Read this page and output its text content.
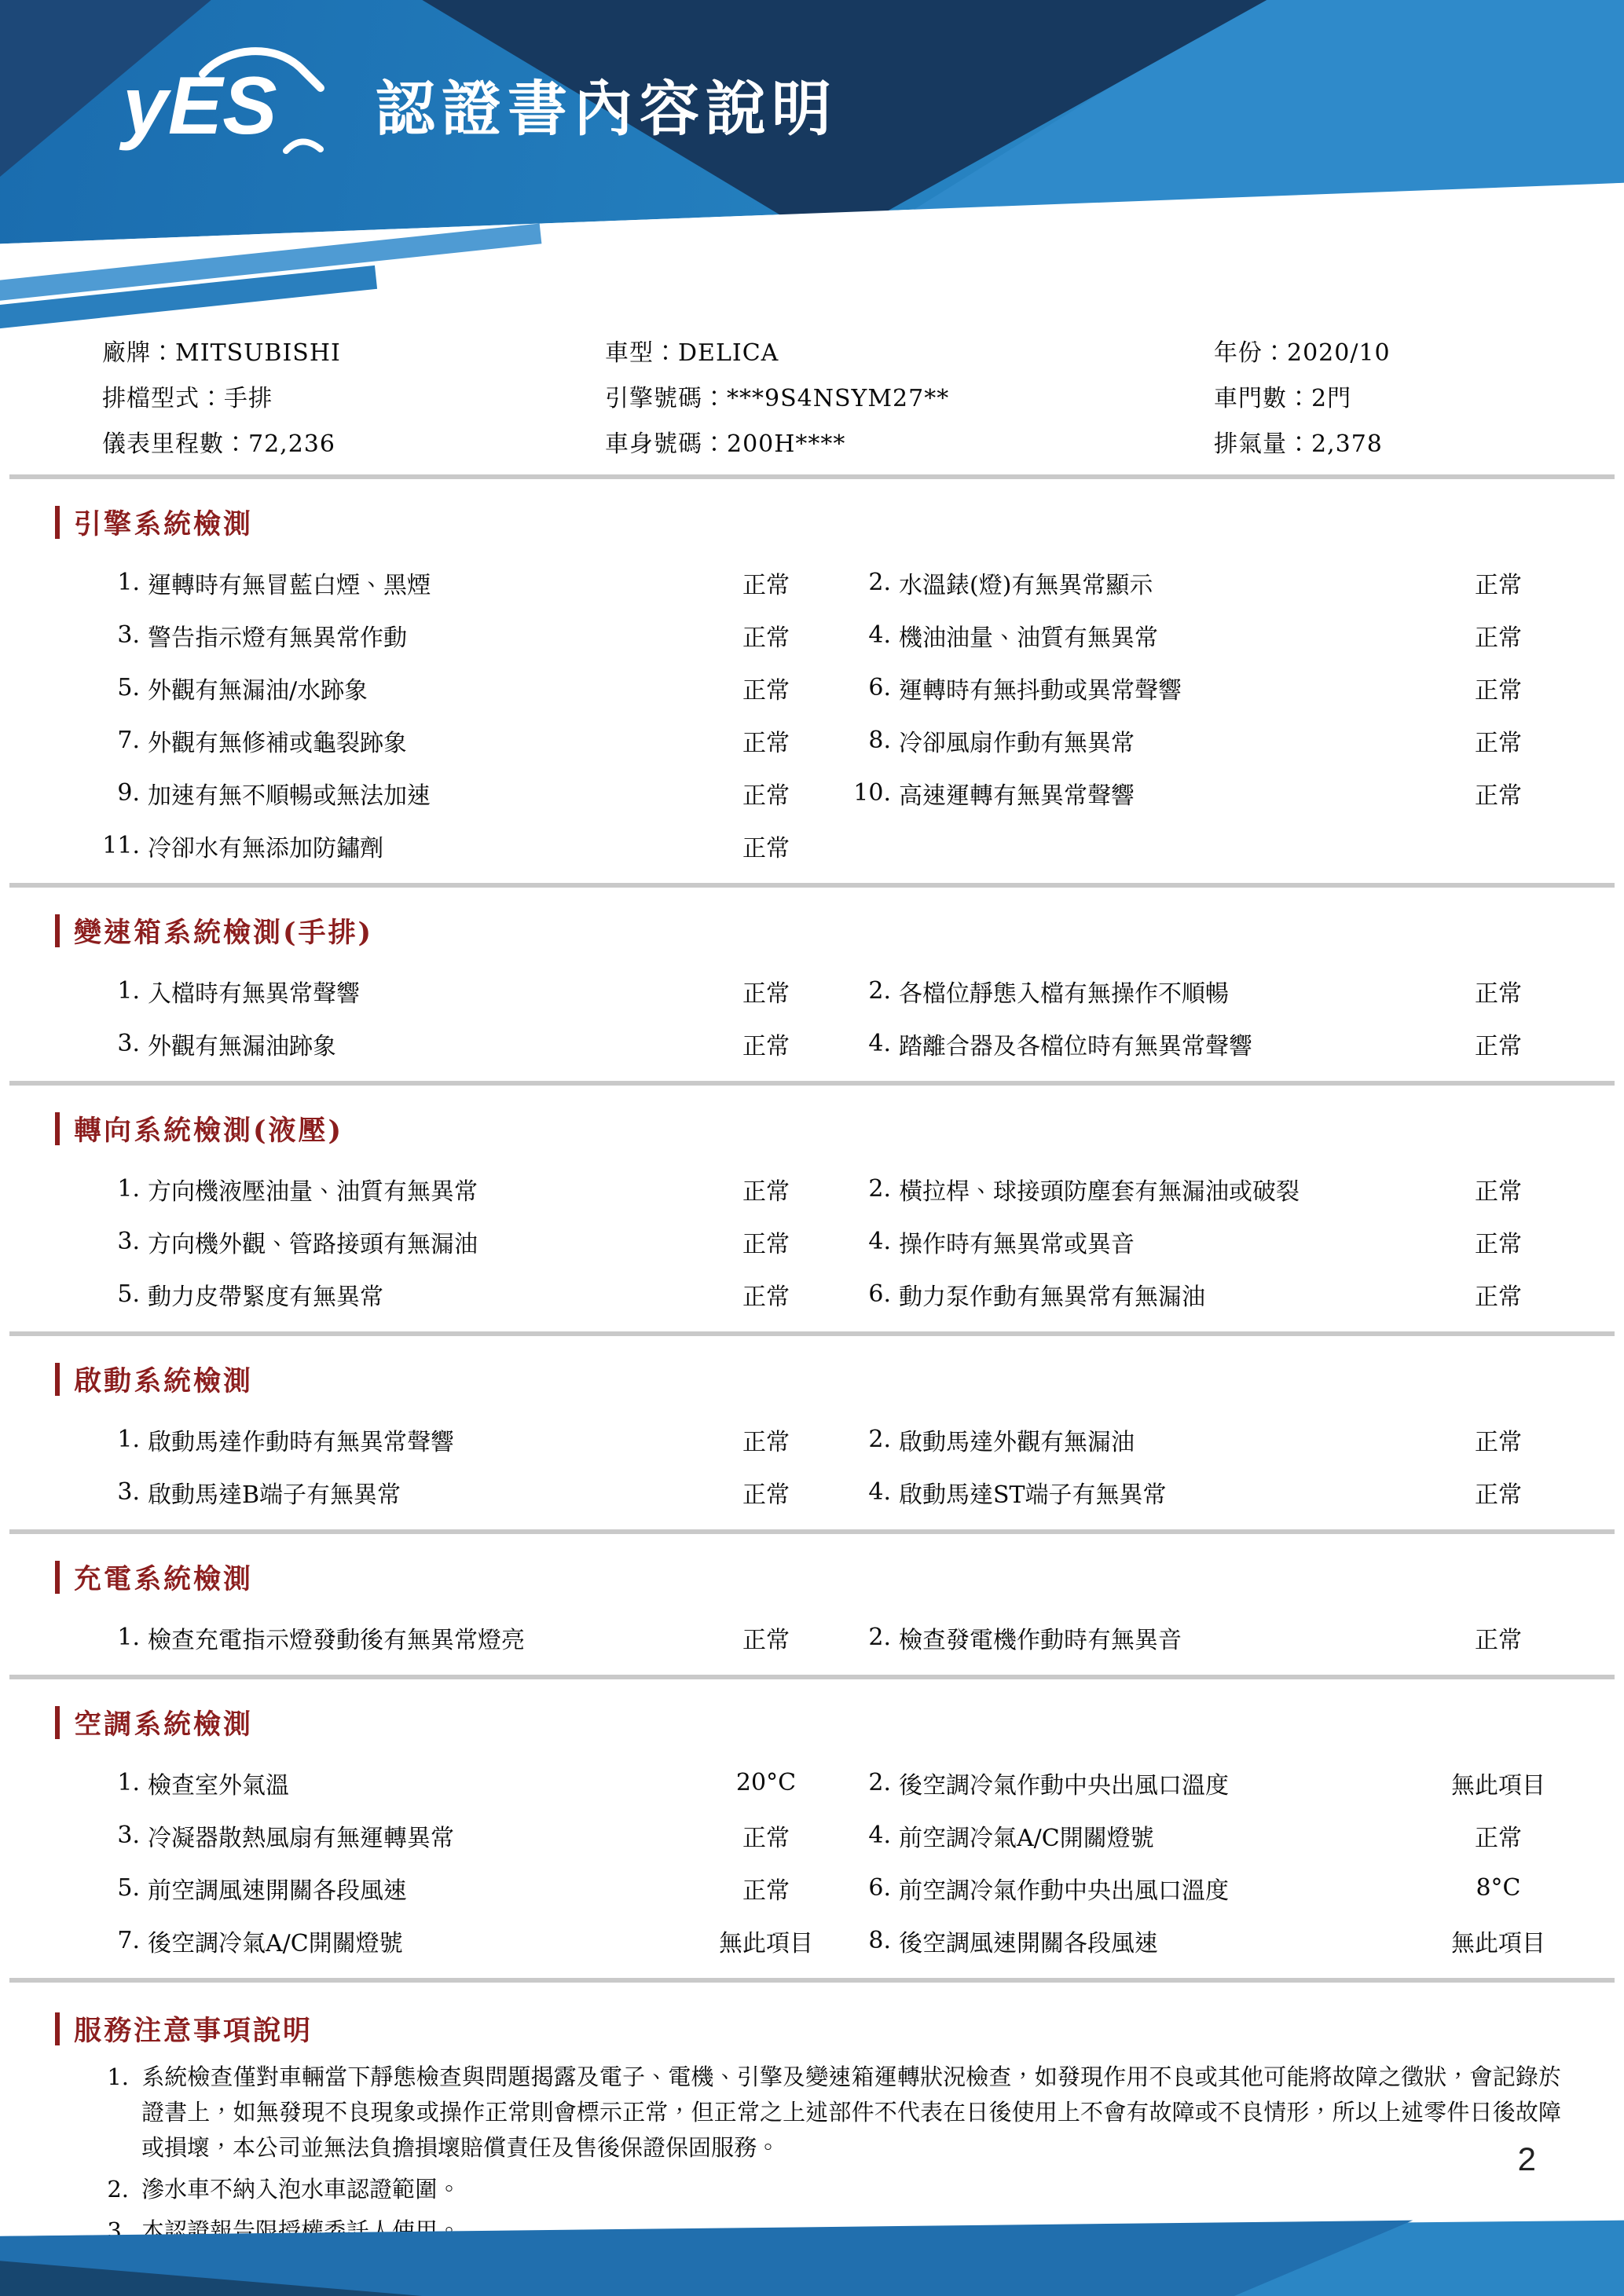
yES 認證書內容說明
廠牌：MITSUBISHI	車型：DELICA	年份：2020/10
排檔型式：手排	引擎號碼：***9S4NSYM27**	車門數：2門
儀表里程數：72,236	車身號碼：200H****	排氣量：2,378
引擎系統檢測
1. 運轉時有無冒藍白煙、黑煙	正常	2. 水溫錶(燈)有無異常顯示	正常
3. 警告指示燈有無異常作動	正常	4. 機油油量、油質有無異常	正常
5. 外觀有無漏油/水跡象	正常	6. 運轉時有無抖動或異常聲響	正常
7. 外觀有無修補或龜裂跡象	正常	8. 冷卻風扇作動有無異常	正常
9. 加速有無不順暢或無法加速	正常	10. 高速運轉有無異常聲響	正常
11. 冷卻水有無添加防鏽劑	正常
變速箱系統檢測(手排)
1. 入檔時有無異常聲響	正常	2. 各檔位靜態入檔有無操作不順暢	正常
3. 外觀有無漏油跡象	正常	4. 踏離合器及各檔位時有無異常聲響	正常
轉向系統檢測(液壓)
1. 方向機液壓油量、油質有無異常	正常	2. 橫拉桿、球接頭防塵套有無漏油或破裂	正常
3. 方向機外觀、管路接頭有無漏油	正常	4. 操作時有無異常或異音	正常
5. 動力皮帶緊度有無異常	正常	6. 動力泵作動有無異常有無漏油	正常
啟動系統檢測
1. 啟動馬達作動時有無異常聲響	正常	2. 啟動馬達外觀有無漏油	正常
3. 啟動馬達B端子有無異常	正常	4. 啟動馬達ST端子有無異常	正常
充電系統檢測
1. 檢查充電指示燈發動後有無異常燈亮	正常	2. 檢查發電機作動時有無異音	正常
空調系統檢測
1. 檢查室外氣溫	20°C	2. 後空調冷氣作動中央出風口溫度	無此項目
3. 冷凝器散熱風扇有無運轉異常	正常	4. 前空調冷氣A/C開關燈號	正常
5. 前空調風速開關各段風速	正常	6. 前空調冷氣作動中央出風口溫度	8°C
7. 後空調冷氣A/C開關燈號	無此項目	8. 後空調風速開關各段風速	無此項目
服務注意事項說明
1. 系統檢查僅對車輛當下靜態檢查與問題揭露及電子、電機、引擎及變速箱運轉狀況檢查，如發現作用不良或其他可能將故障之徵狀，會記錄於證書上，如無發現不良現象或操作正常則會標示正常，但正常之上述部件不代表在日後使用上不會有故障或不良情形，所以上述零件日後故障或損壞，本公司並無法負擔損壞賠償責任及售後保證保固服務。
2. 滲水車不納入泡水車認證範圍。
3. 本認證報告限授權委託人使用。
2
